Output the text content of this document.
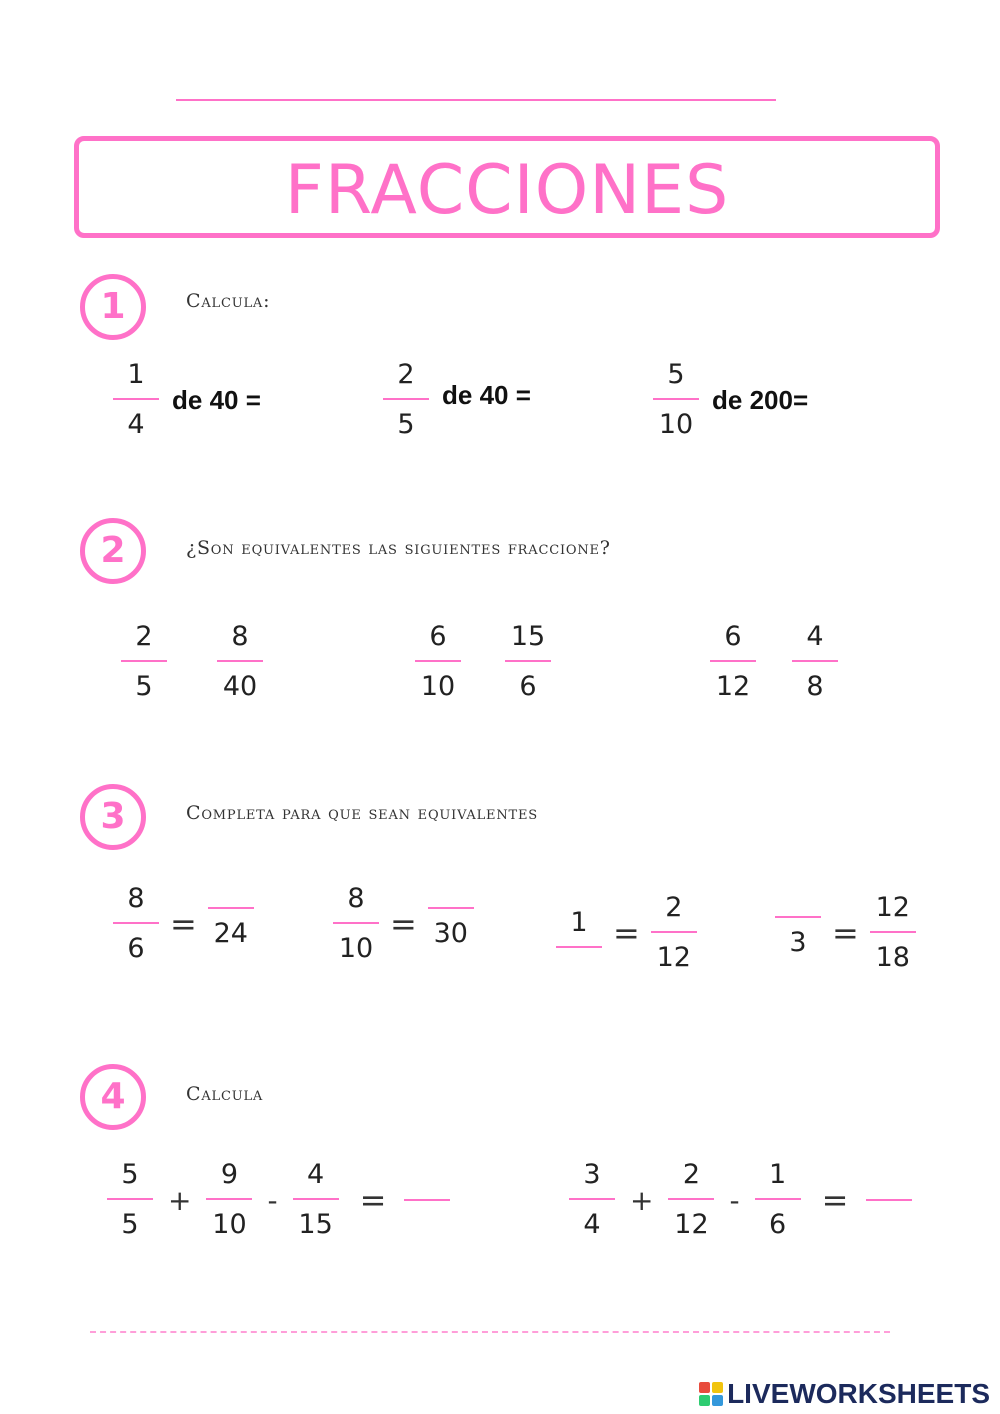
FRACCIONES
1	Calcula:
$\frac{1}{4}$ de 40 =	$\frac{2}{5}$ de 40 =	$\frac{5}{10}$ de 200=
2	¿Son equivalentes las siguientes fraccione?
$\frac{2}{5} \frac{8}{40}$	$\frac{6}{10} \frac{15}{6}$	$\frac{6}{12} \frac{4}{8}$
3	Completa para que sean equivalentes
$\frac{8}{6} = 24$	$\frac{8}{10} = 30$	$1 = \frac{2}{12}$	$3 = \frac{12}{18}$
4	Calcula
$\frac{5}{5} + \frac{9}{10} - \frac{4}{15}$ =	$\frac{3}{4} + \frac{2}{12} - \frac{1}{6}$ =
LIVEWORKSHEETS
